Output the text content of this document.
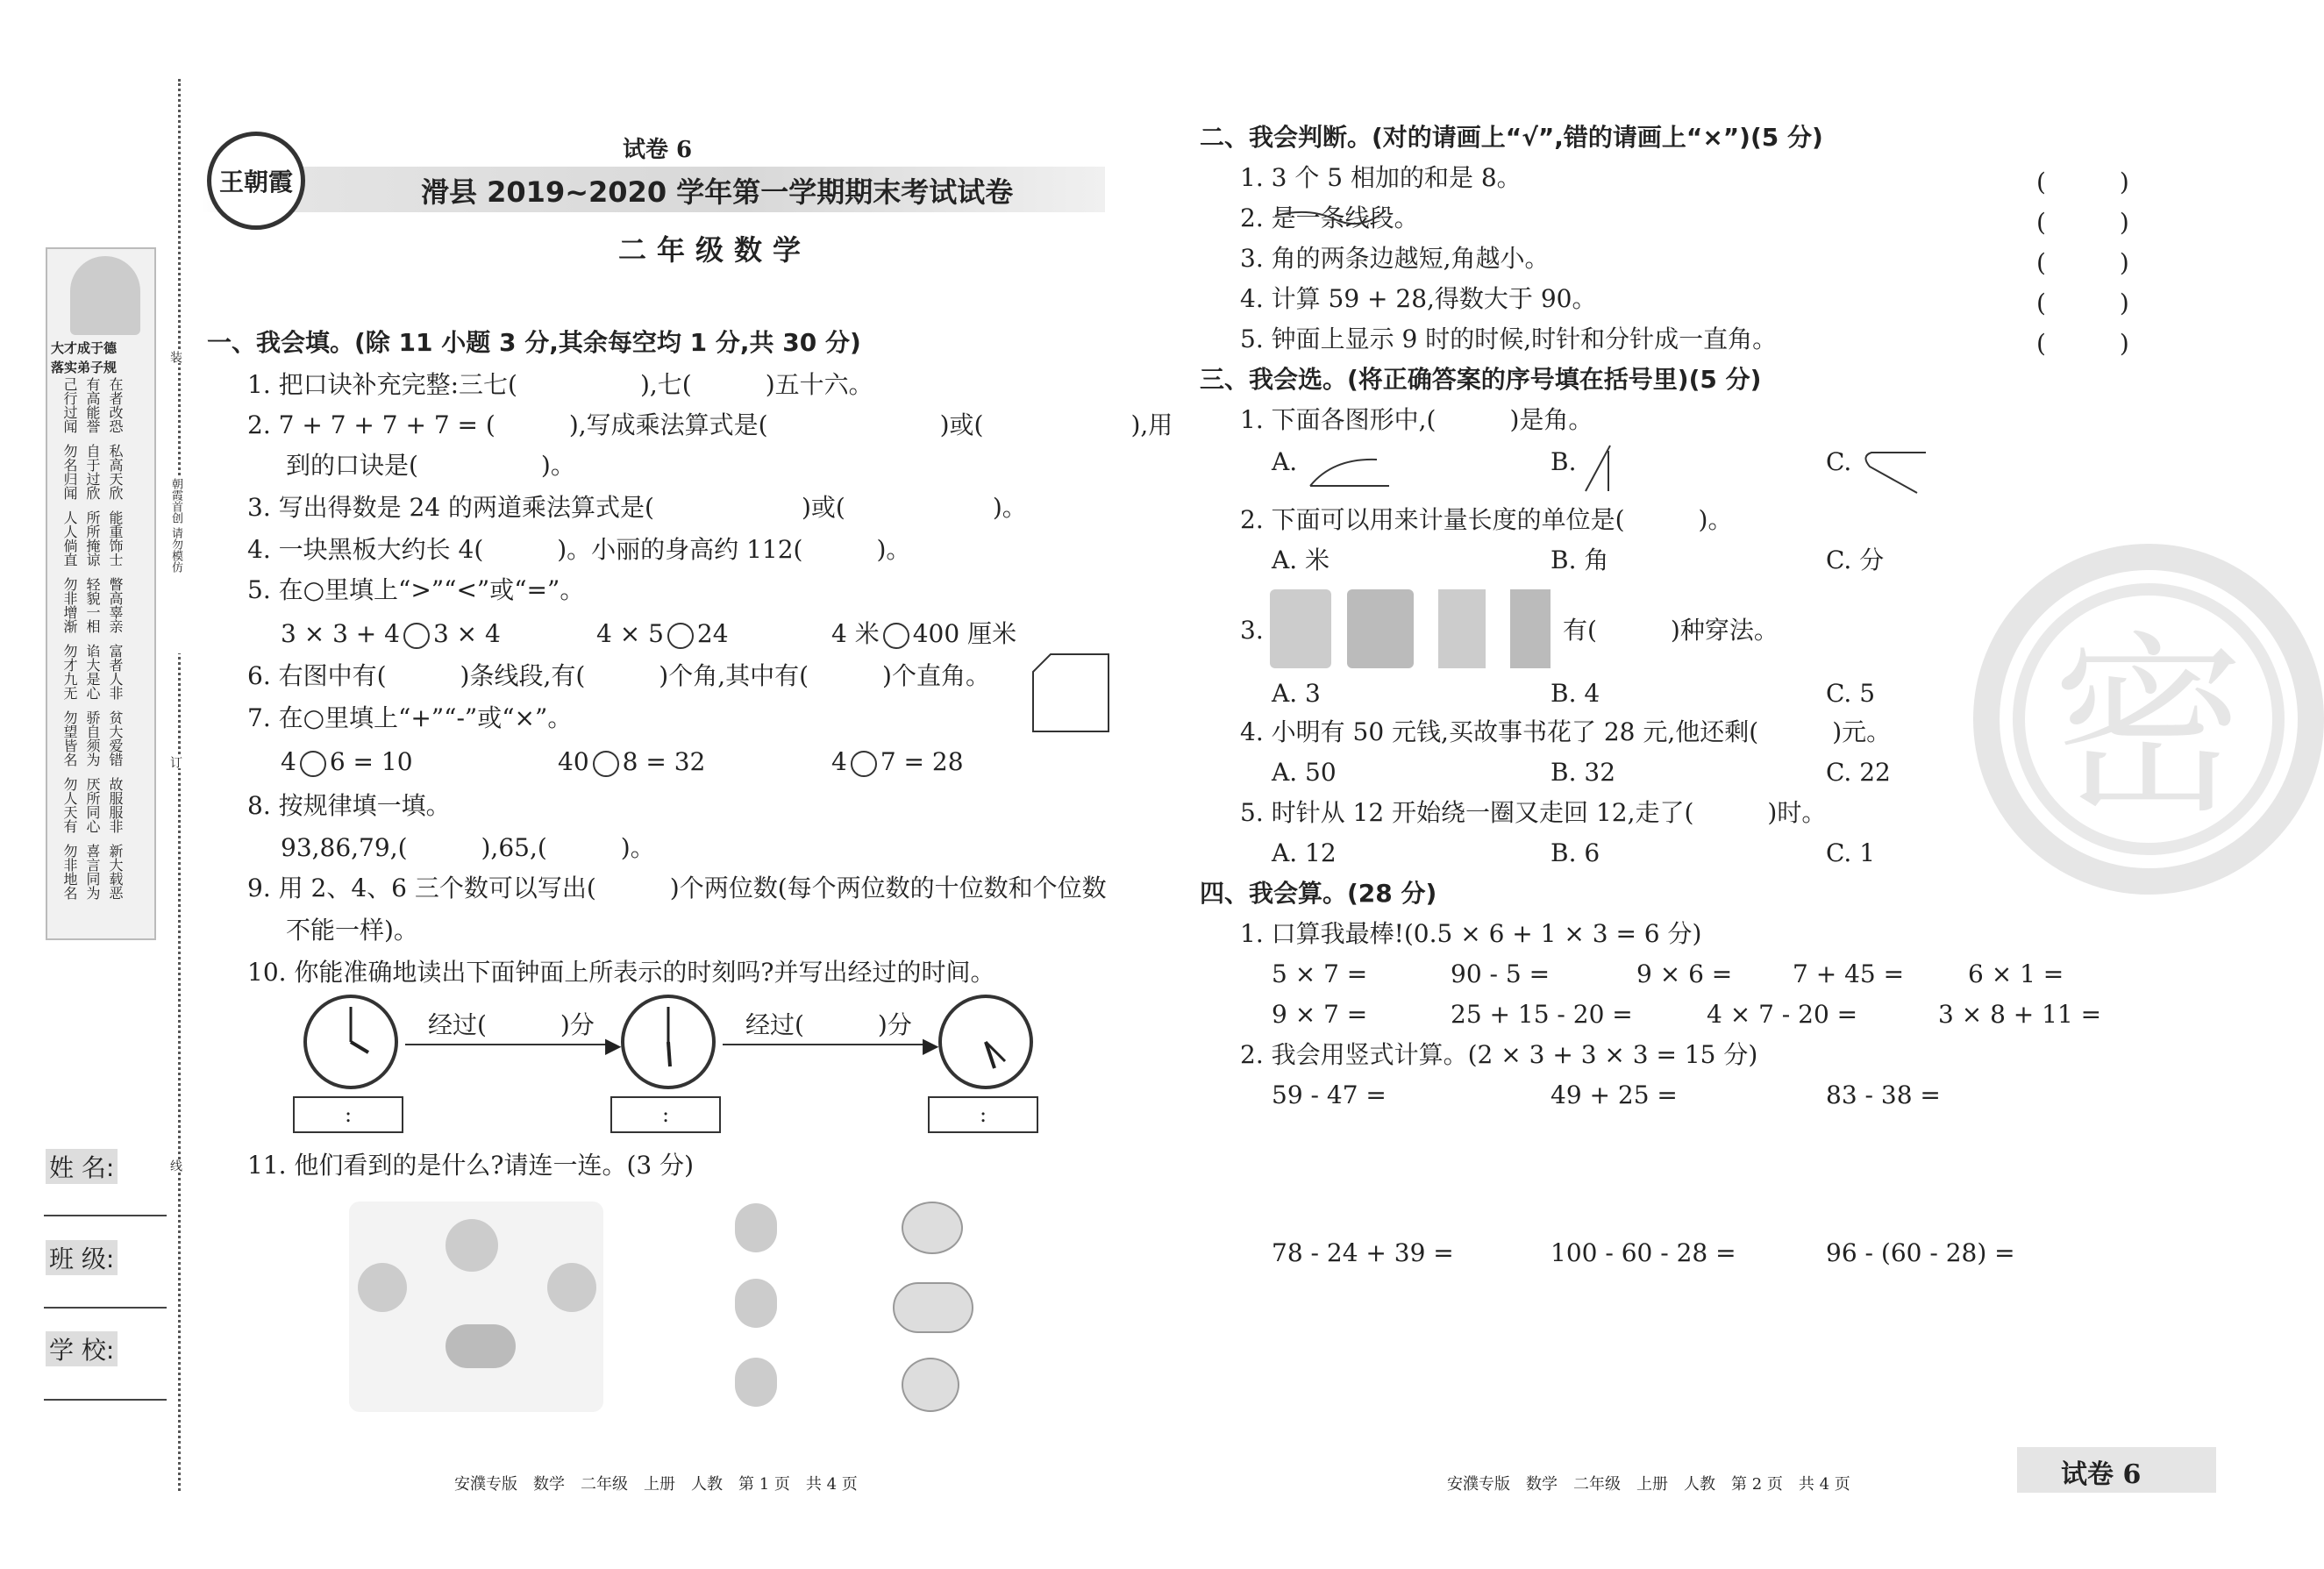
大才成于德
落实弟子规
己行过闻 有高能誉 在者改恐
勿名归闻 自于过欣 私高天欣
人人倘直 所所掩谅 能重饰士
勿非增渐 轻貌一相 瞥高辜亲
勿才九无 谄大是心 富者人非
勿望皆名 骄自须为 贫大爱错
勿人天有 厌所同心 故服服非
勿非地名 喜言同为 新大载恶
装
朝霞首创 请勿模仿
订
线
姓 名:
班 级:
学 校:
王朝霞
试卷 6
滑县 2019~2020 学年第一学期期末考试试卷
二年级数学
一、我会填。(除 11 小题 3 分,其余每空均 1 分,共 30 分)
1. 把口诀补充完整:三七(　　　　　),七(　　　)五十六。
2. 7 + 7 + 7 + 7 = (　　　),写成乘法算式是(　　　　　　　)或(　　　　　　),用
到的口诀是(　　　　　)。
3. 写出得数是 24 的两道乘法算式是(　　　　　　)或(　　　　　　)。
4. 一块黑板大约长 4(　　　)。小丽的身高约 112(　　　)。
5. 在○里填上“>”“<”或“=”。
3 × 3 + 4 3 × 4	4 × 5 24	4 米 400 厘米
6. 右图中有(　　　)条线段,有(　　　)个角,其中有(　　　)个直角。
7. 在○里填上“+”“-”或“×”。
4 6 = 10	40 8 = 32	4 7 = 28
8. 按规律填一填。
93,86,79,(　　　),65,(　　　)。
9. 用 2、4、6 三个数可以写出(　　　)个两位数(每个两位数的十位数和个位数
不能一样)。
10. 你能准确地读出下面钟面上所表示的时刻吗?并写出经过的时间。
▶
经过(　　　)分
▶
经过(　　　)分
:	:	:
11. 他们看到的是什么?请连一连。(3 分)
安濮专版　数学　二年级　上册　人教　第 1 页　共 4 页
密
二、我会判断。(对的请画上“√”,错的请画上“×”)(5 分)
1. 3 个 5 相加的和是 8。
2. 是一条线段。
3. 角的两条边越短,角越小。
4. 计算 59 + 28,得数大于 90。
5. 钟面上显示 9 时的时候,时针和分针成一直角。
(　　　)
(　　　)
(　　　)
(　　　)
(　　　)
三、我会选。(将正确答案的序号填在括号里)(5 分)
1. 下面各图形中,(　　　)是角。
A.	B.	C.
2. 下面可以用来计量长度的单位是(　　　)。
A. 米	B. 角	C. 分
3.	有(　　　)种穿法。
A. 3	B. 4	C. 5
4. 小明有 50 元钱,买故事书花了 28 元,他还剩(　　　)元。
A. 50	B. 32	C. 22
5. 时针从 12 开始绕一圈又走回 12,走了(　　　)时。
A. 12	B. 6	C. 1
四、我会算。(28 分)
1. 口算我最棒!(0.5 × 6 + 1 × 3 = 6 分)
5 × 7 =	90 - 5 =	9 × 6 = 7 + 45 =	6 × 1 =
9 × 7 =	25 + 15 - 20 =	4 × 7 - 20 =	3 × 8 + 11 =
2. 我会用竖式计算。(2 × 3 + 3 × 3 = 15 分)
59 - 47 =	49 + 25 =	83 - 38 =
78 - 24 + 39 =	100 - 60 - 28 =	96 - (60 - 28) =
安濮专版　数学　二年级　上册　人教　第 2 页　共 4 页	试卷 6
